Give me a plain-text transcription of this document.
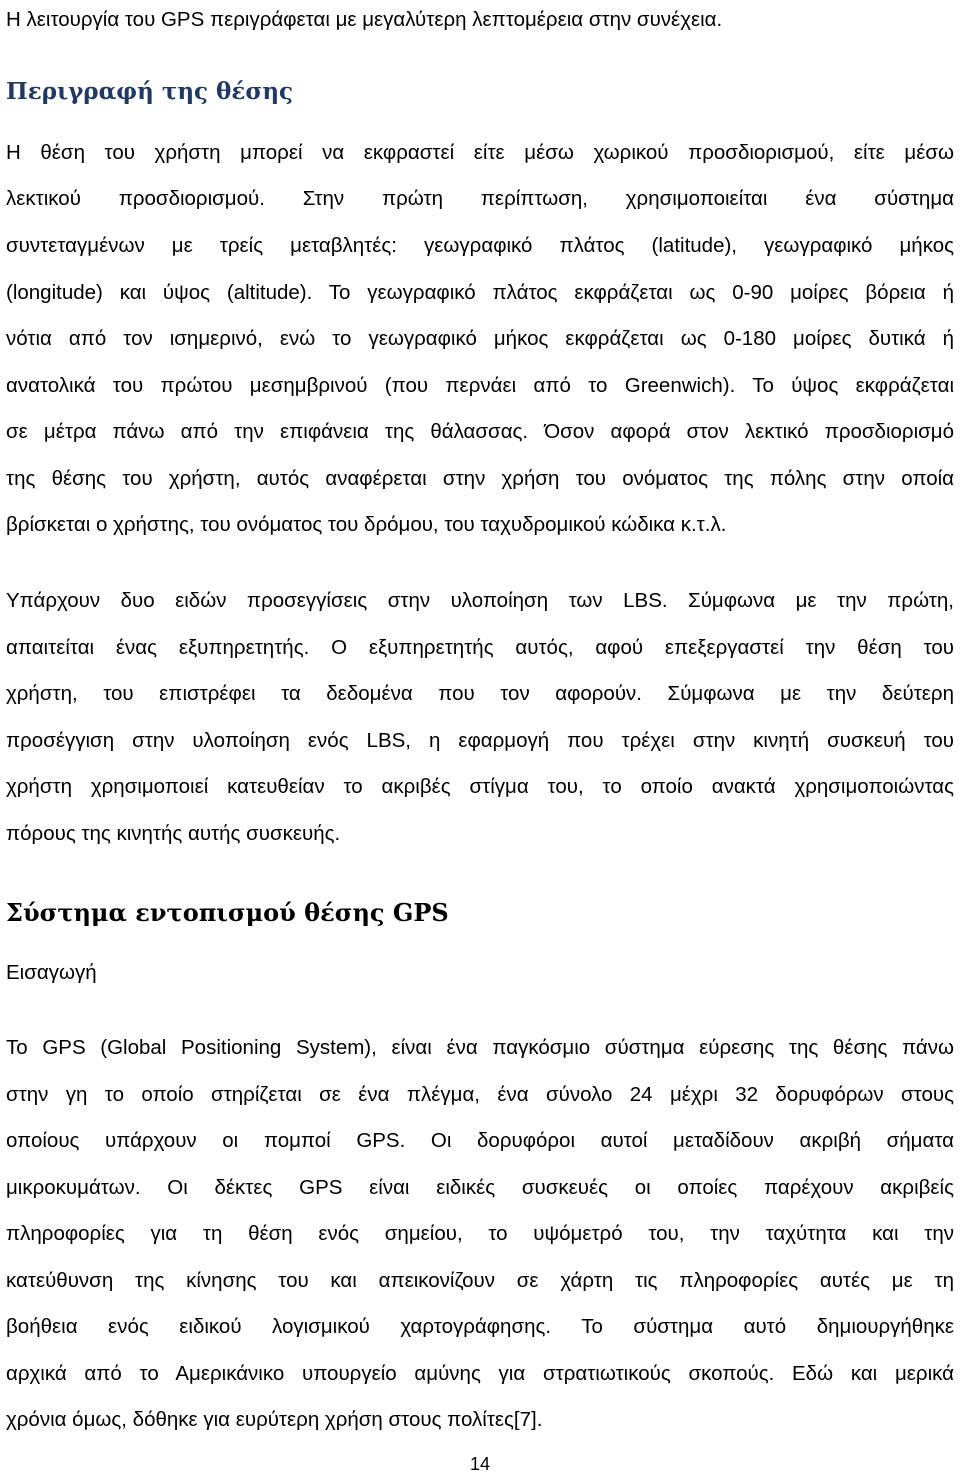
Η λειτουργία του GPS περιγράφεται με μεγαλύτερη λεπτομέρεια στην συνέχεια.
Περιγραφή της θέσης
Η θέση του χρήστη μπορεί να εκφραστεί είτε μέσω χωρικού προσδιορισμού, είτε μέσω
λεκτικού προσδιορισμού. Στην πρώτη περίπτωση, χρησιμοποιείται ένα σύστημα
συντεταγμένων με τρείς μεταβλητές: γεωγραφικό πλάτος (latitude), γεωγραφικό μήκος
(longitude) και ύψος (altitude). Το γεωγραφικό πλάτος εκφράζεται ως 0-90 μοίρες βόρεια ή
νότια από τον ισημερινό, ενώ το γεωγραφικό μήκος εκφράζεται ως 0-180 μοίρες δυτικά ή
ανατολικά του πρώτου μεσημβρινού (που περνάει από το Greenwich). Το ύψος εκφράζεται
σε μέτρα πάνω από την επιφάνεια της θάλασσας. Όσον αφορά στον λεκτικό προσδιορισμό
της θέσης του χρήστη, αυτός αναφέρεται στην χρήση του ονόματος της πόλης στην οποία
βρίσκεται ο χρήστης, του ονόματος του δρόμου, του ταχυδρομικού κώδικα κ.τ.λ.
Υπάρχουν δυο ειδών προσεγγίσεις στην υλοποίηση των LBS. Σύμφωνα με την πρώτη,
απαιτείται ένας εξυπηρετητής. Ο εξυπηρετητής αυτός, αφού επεξεργαστεί την θέση του
χρήστη, του επιστρέφει τα δεδομένα που τον αφορούν. Σύμφωνα με την δεύτερη
προσέγγιση στην υλοποίηση ενός LBS, η εφαρμογή που τρέχει στην κινητή συσκευή του
χρήστη χρησιμοποιεί κατευθείαν το ακριβές στίγμα του, το οποίο ανακτά χρησιμοποιώντας
πόρους της κινητής αυτής συσκευής.
Σύστημα εντοπισμού θέσης GPS
Εισαγωγή
Το GPS (Global Positioning System), είναι ένα παγκόσμιο σύστημα εύρεσης της θέσης πάνω
στην γη το οποίο στηρίζεται σε ένα πλέγμα, ένα σύνολο 24 μέχρι 32 δορυφόρων στους
οποίους υπάρχουν οι πομποί GPS. Οι δορυφόροι αυτοί μεταδίδουν ακριβή σήματα
μικροκυμάτων. Οι δέκτες GPS είναι ειδικές συσκευές οι οποίες παρέχουν ακριβείς
πληροφορίες για τη θέση ενός σημείου, το υψόμετρό του, την ταχύτητα και την
κατεύθυνση της κίνησης του και απεικονίζουν σε χάρτη τις πληροφορίες αυτές με τη
βοήθεια ενός ειδικού λογισμικού χαρτογράφησης. Το σύστημα αυτό δημιουργήθηκε
αρχικά από το Αμερικάνικο υπουργείο αμύνης για στρατιωτικούς σκοπούς. Εδώ και μερικά
χρόνια όμως, δόθηκε για ευρύτερη χρήση στους πολίτες[7].
14
